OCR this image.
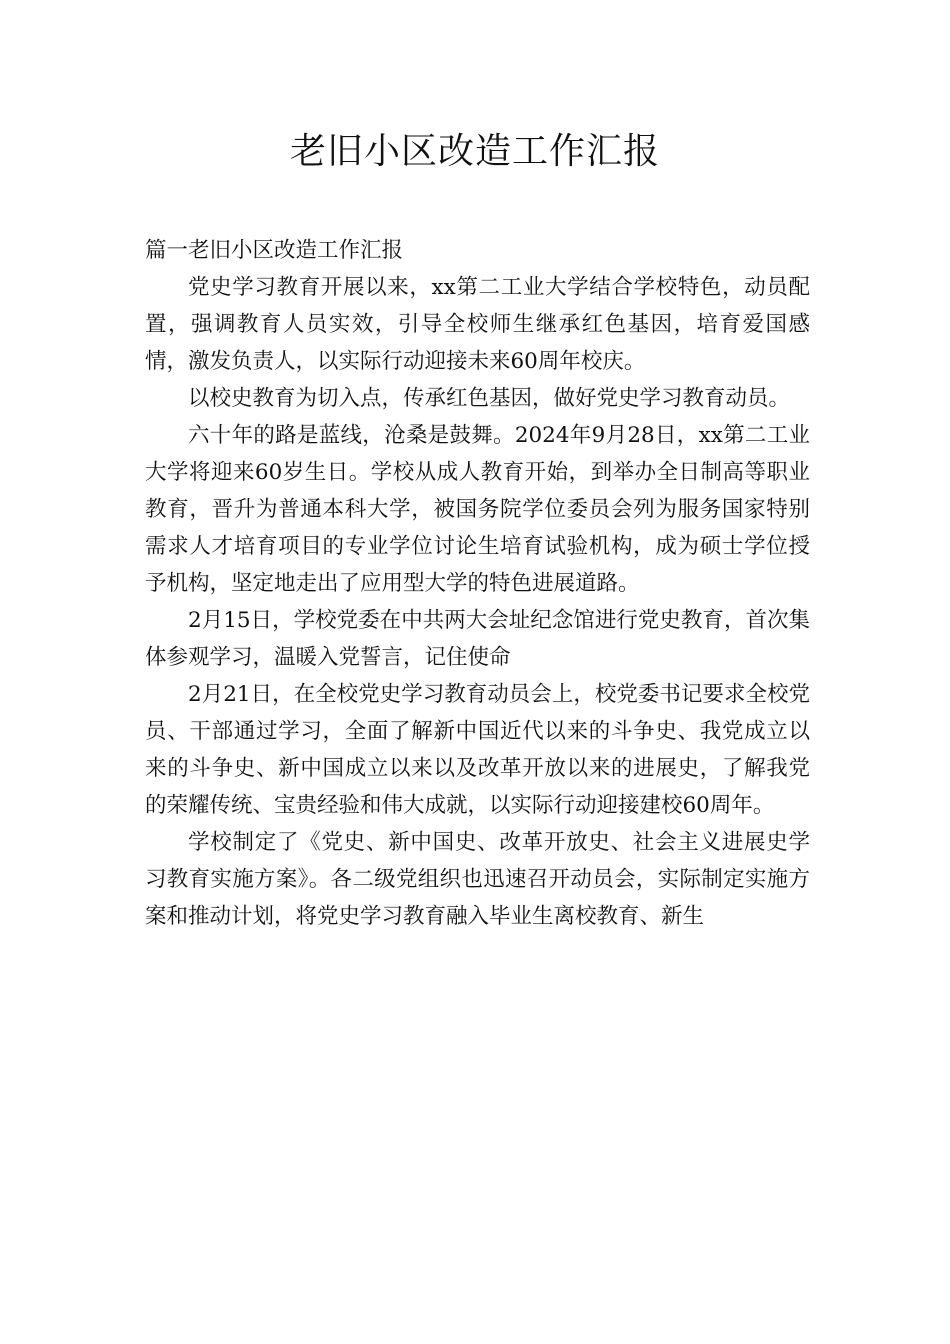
老旧小区改造工作汇报

篇一老旧小区改造工作汇报

党史学习教育开展以来，xx第二工业大学结合学校特色，动员配置，强调教育人员实效，引导全校师生继承红色基因，培育爱国感情，激发负责人，以实际行动迎接未来60周年校庆。

以校史教育为切入点，传承红色基因，做好党史学习教育动员。

六十年的路是蓝线，沧桑是鼓舞。2024年9月28日，xx第二工业大学将迎来60岁生日。学校从成人教育开始，到举办全日制高等职业教育，晋升为普通本科大学，被国务院学位委员会列为服务国家特别需求人才培育项目的专业学位讨论生培育试验机构，成为硕士学位授予机构，坚定地走出了应用型大学的特色进展道路。

2月15日，学校党委在中共两大会址纪念馆进行党史教育，首次集体参观学习，温暖入党誓言，记住使命

2月21日，在全校党史学习教育动员会上，校党委书记要求全校党员、干部通过学习，全面了解新中国近代以来的斗争史、我党成立以来的斗争史、新中国成立以来以及改革开放以来的进展史，了解我党的荣耀传统、宝贵经验和伟大成就，以实际行动迎接建校60周年。

学校制定了《党史、新中国史、改革开放史、社会主义进展史学习教育实施方案》。各二级党组织也迅速召开动员会，实际制定实施方案和推动计划，将党史学习教育融入毕业生离校教育、新生
